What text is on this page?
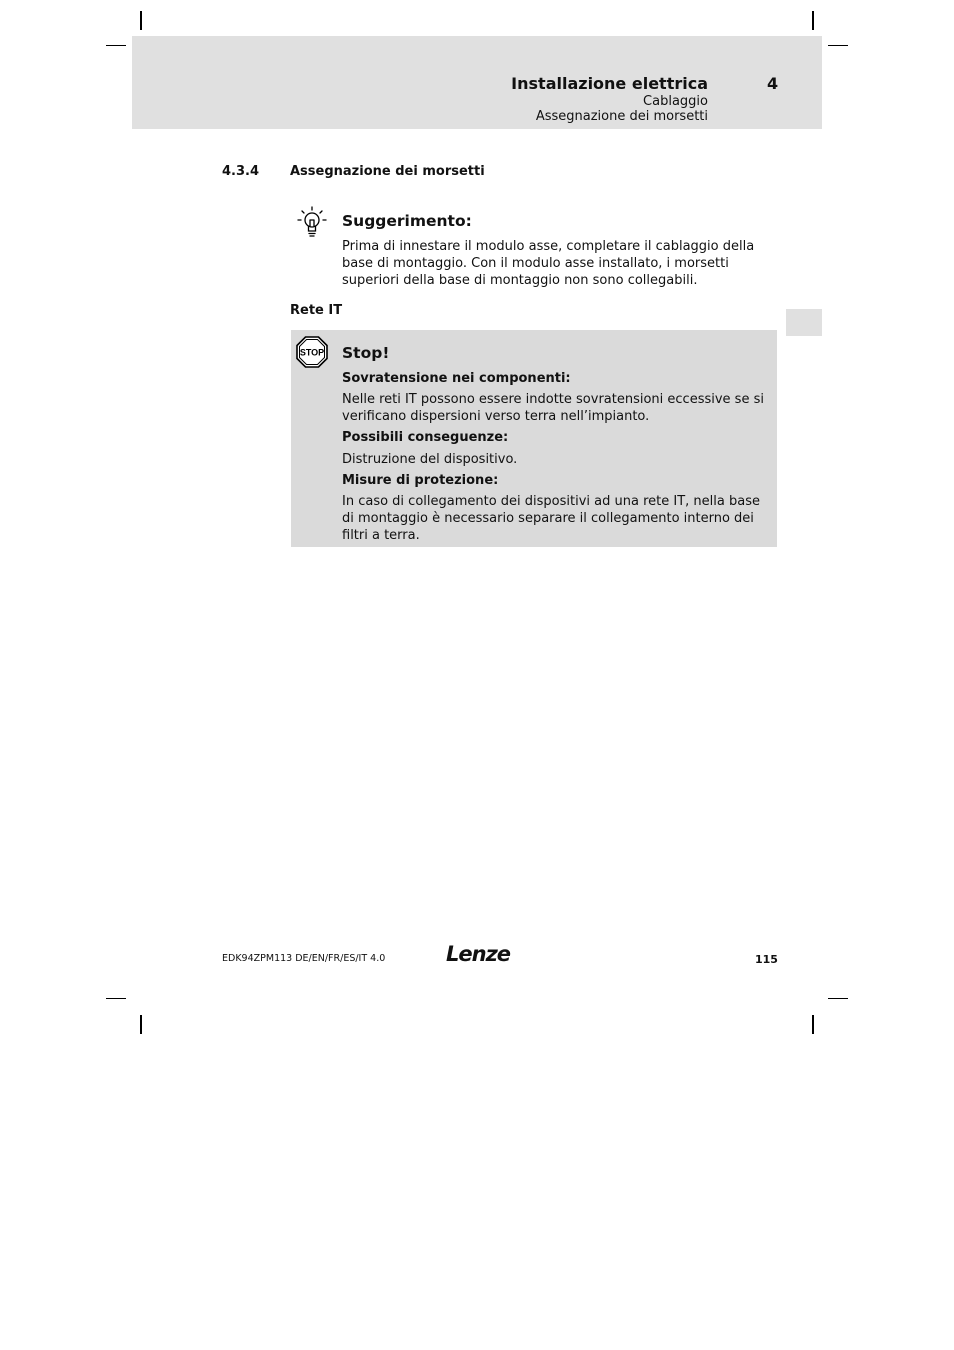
Installazione elettrica	4
Cablaggio
Assegnazione dei morsetti
4.3.4 Assegnazione dei morsetti
Suggerimento:
Prima di innestare il modulo asse, completare il cablaggio della base di montaggio. Con il modulo asse installato, i morsetti superiori della base di montaggio non sono collegabili.
Rete IT
STOP Stop!
Sovratensione nei componenti:
Nelle reti IT possono essere indotte sovratensioni eccessive se si verificano dispersioni verso terra nell’impianto.
Possibili conseguenze:
Distruzione del dispositivo.
Misure di protezione:
In caso di collegamento dei dispositivi ad una rete IT, nella base di montaggio è necessario separare il collegamento interno dei filtri a terra.
EDK94ZPM113 DE/EN/FR/ES/IT 4.0	Lenze	115
